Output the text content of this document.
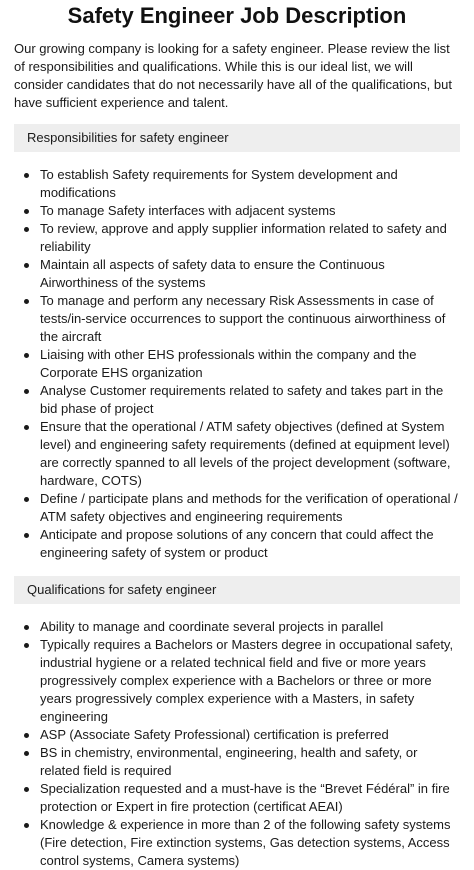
Safety Engineer Job Description

Our growing company is looking for a safety engineer. Please review the list of responsibilities and qualifications. While this is our ideal list, we will consider candidates that do not necessarily have all of the qualifications, but have sufficient experience and talent.

Responsibilities for safety engineer
To establish Safety requirements for System development and modifications
To manage Safety interfaces with adjacent systems
To review, approve and apply supplier information related to safety and reliability
Maintain all aspects of safety data to ensure the Continuous Airworthiness of the systems
To manage and perform any necessary Risk Assessments in case of tests/in-service occurrences to support the continuous airworthiness of the aircraft
Liaising with other EHS professionals within the company and the Corporate EHS organization
Analyse Customer requirements related to safety and takes part in the bid phase of project
Ensure that the operational / ATM safety objectives (defined at System level) and engineering safety requirements (defined at equipment level) are correctly spanned to all levels of the project development (software, hardware, COTS)
Define / participate plans and methods for the verification of operational / ATM safety objectives and engineering requirements
Anticipate and propose solutions of any concern that could affect the engineering safety of system or product
Qualifications for safety engineer
Ability to manage and coordinate several projects in parallel
Typically requires a Bachelors or Masters degree in occupational safety, industrial hygiene or a related technical field and five or more years progressively complex experience with a Bachelors or three or more years progressively complex experience with a Masters, in safety engineering
ASP (Associate Safety Professional) certification is preferred
BS in chemistry, environmental, engineering, health and safety, or related field is required
Specialization requested and a must-have is the “Brevet Fédéral” in fire protection or Expert in fire protection (certificat AEAI)
Knowledge & experience in more than 2 of the following safety systems (Fire detection, Fire extinction systems, Gas detection systems, Access control systems, Camera systems)
